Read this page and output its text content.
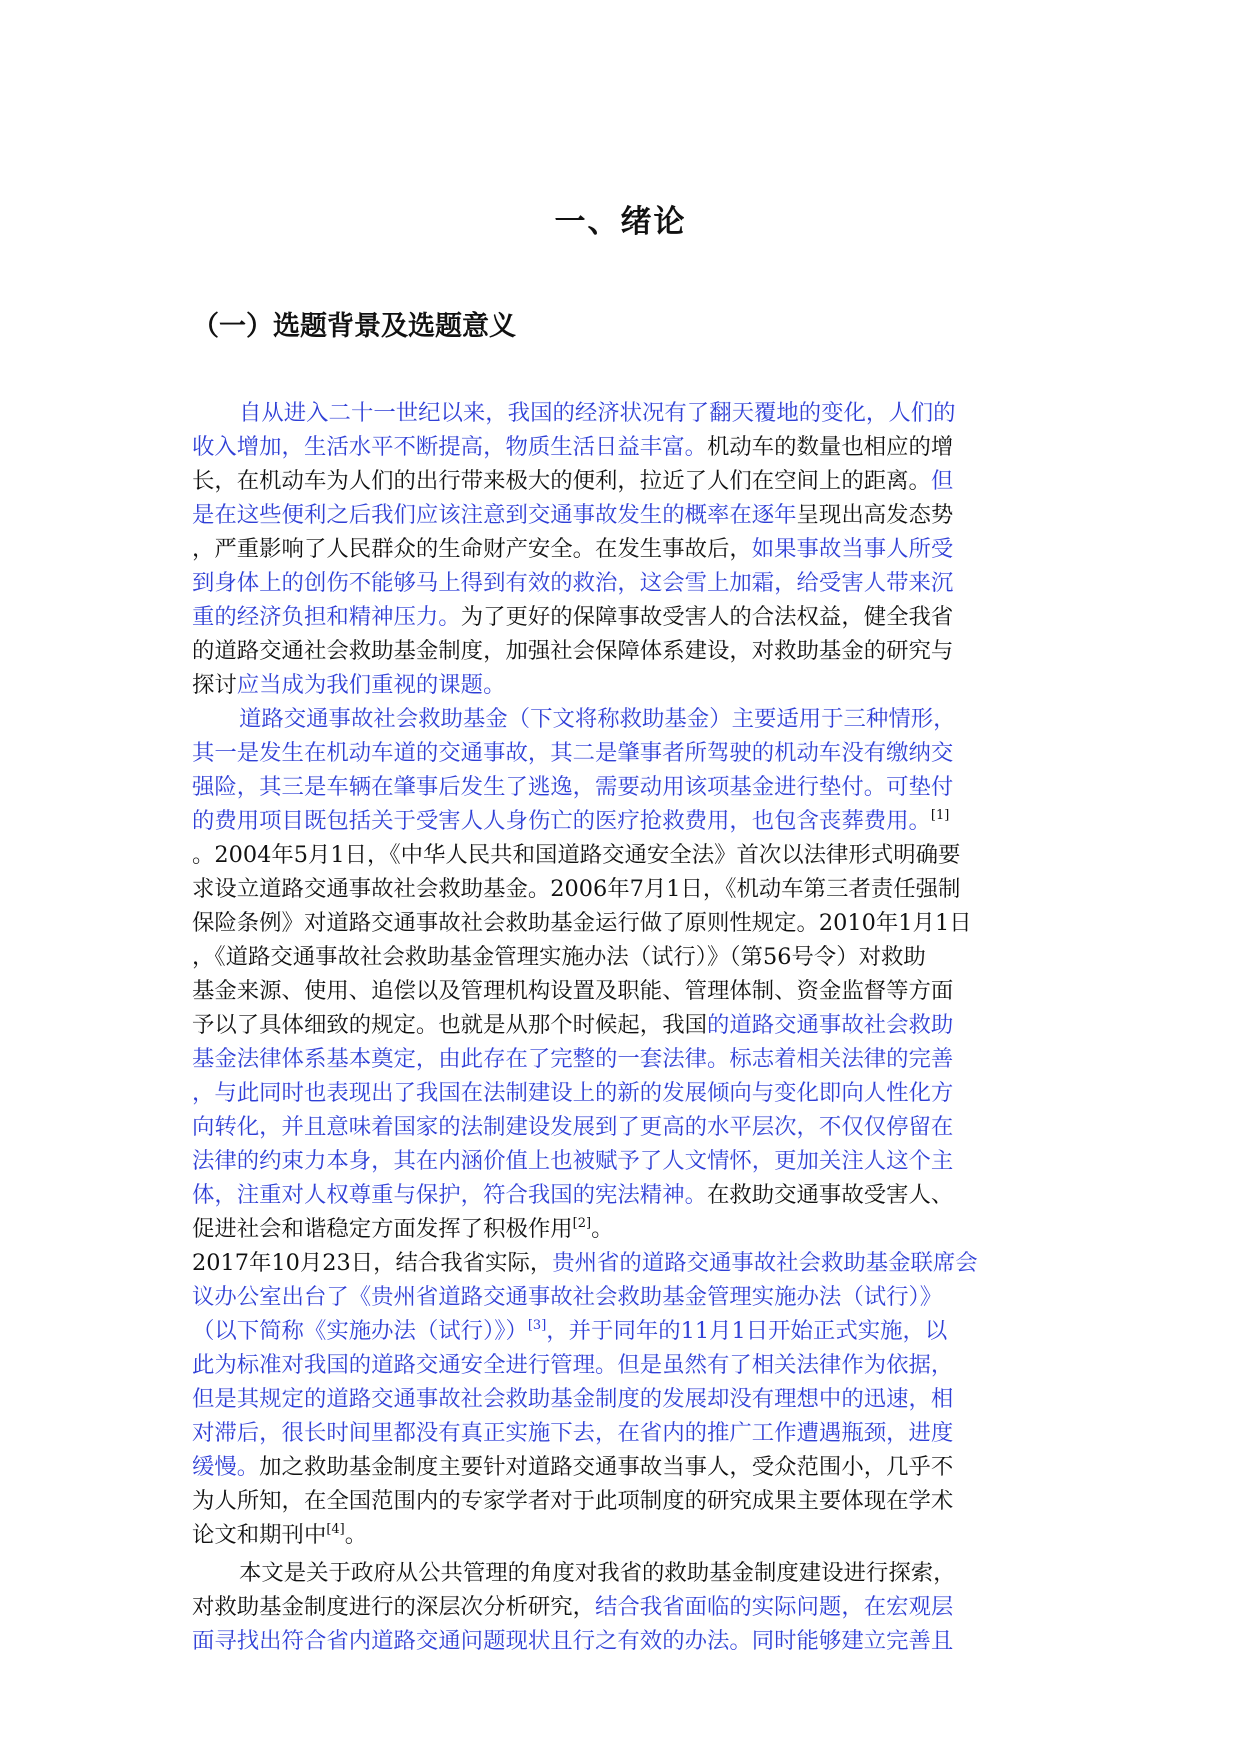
一、绪论
（一）选题背景及选题意义
自从进入二十一世纪以来，我国的经济状况有了翻天覆地的变化，人们的
收入增加，生活水平不断提高，物质生活日益丰富。机动车的数量也相应的增
长，在机动车为人们的出行带来极大的便利，拉近了人们在空间上的距离。但
是在这些便利之后我们应该注意到交通事故发生的概率在逐年呈现出高发态势
，严重影响了人民群众的生命财产安全。在发生事故后，如果事故当事人所受
到身体上的创伤不能够马上得到有效的救治，这会雪上加霜，给受害人带来沉
重的经济负担和精神压力。为了更好的保障事故受害人的合法权益，健全我省
的道路交通社会救助基金制度，加强社会保障体系建设，对救助基金的研究与
探讨应当成为我们重视的课题。
道路交通事故社会救助基金（下文将称救助基金）主要适用于三种情形，
其一是发生在机动车道的交通事故，其二是肇事者所驾驶的机动车没有缴纳交
强险，其三是车辆在肇事后发生了逃逸，需要动用该项基金进行垫付。可垫付
的费用项目既包括关于受害人人身伤亡的医疗抢救费用，也包含丧葬费用。[1]
。2004年5月1日，《中华人民共和国道路交通安全法》首次以法律形式明确要
求设立道路交通事故社会救助基金。2006年7月1日，《机动车第三者责任强制
保险条例》对道路交通事故社会救助基金运行做了原则性规定。2010年1月1日
，《道路交通事故社会救助基金管理实施办法（试行）》（第56号令）对救助
基金来源、使用、追偿以及管理机构设置及职能、管理体制、资金监督等方面
予以了具体细致的规定。也就是从那个时候起，我国的道路交通事故社会救助
基金法律体系基本奠定，由此存在了完整的一套法律。标志着相关法律的完善
，与此同时也表现出了我国在法制建设上的新的发展倾向与变化即向人性化方
向转化，并且意味着国家的法制建设发展到了更高的水平层次，不仅仅停留在
法律的约束力本身，其在内涵价值上也被赋予了人文情怀，更加关注人这个主
体，注重对人权尊重与保护，符合我国的宪法精神。在救助交通事故受害人、
促进社会和谐稳定方面发挥了积极作用[2]。
2017年10月23日，结合我省实际，贵州省的道路交通事故社会救助基金联席会
议办公室出台了《贵州省道路交通事故社会救助基金管理实施办法（试行）》
（以下简称《实施办法（试行）》）[3]，并于同年的11月1日开始正式实施，以
此为标准对我国的道路交通安全进行管理。但是虽然有了相关法律作为依据，
但是其规定的道路交通事故社会救助基金制度的发展却没有理想中的迅速，相
对滞后，很长时间里都没有真正实施下去，在省内的推广工作遭遇瓶颈，进度
缓慢。加之救助基金制度主要针对道路交通事故当事人，受众范围小，几乎不
为人所知，在全国范围内的专家学者对于此项制度的研究成果主要体现在学术
论文和期刊中[4]。
本文是关于政府从公共管理的角度对我省的救助基金制度建设进行探索，
对救助基金制度进行的深层次分析研究，结合我省面临的实际问题，在宏观层
面寻找出符合省内道路交通问题现状且行之有效的办法。同时能够建立完善且
